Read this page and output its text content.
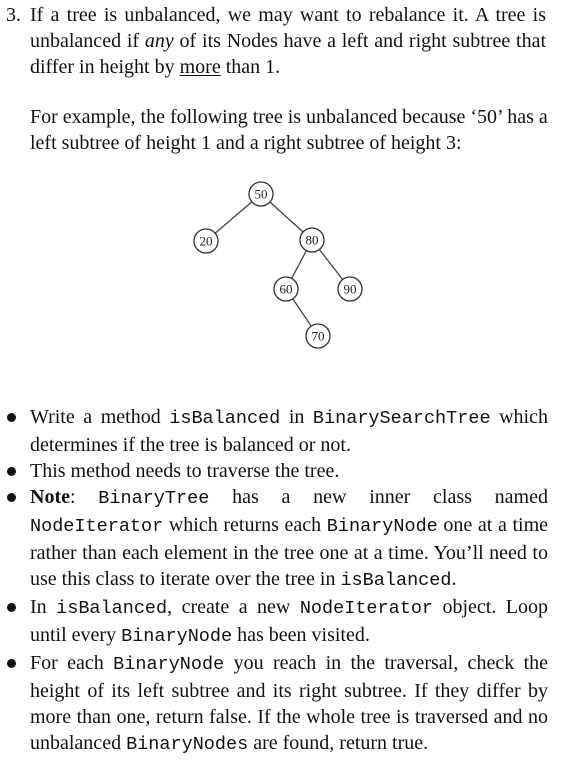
3. If a tree is unbalanced, we may want to rebalance it. A tree is unbalanced if any of its Nodes have a left and right subtree that differ in height by more than 1.
For example, the following tree is unbalanced because ‘50’ has a left subtree of height 1 and a right subtree of height 3:
50
20	80
60	90
70
Write a method isBalanced in BinarySearchTree which determines if the tree is balanced or not.
This method needs to traverse the tree.
Note: BinaryTree has a new inner class named NodeIterator which returns each BinaryNode one at a time rather than each element in the tree one at a time. You’ll need to use this class to iterate over the tree in isBalanced.
In isBalanced, create a new NodeIterator object. Loop until every BinaryNode has been visited.
For each BinaryNode you reach in the traversal, check the height of its left subtree and its right subtree. If they differ by more than one, return false. If the whole tree is traversed and no unbalanced BinaryNodes are found, return true.
